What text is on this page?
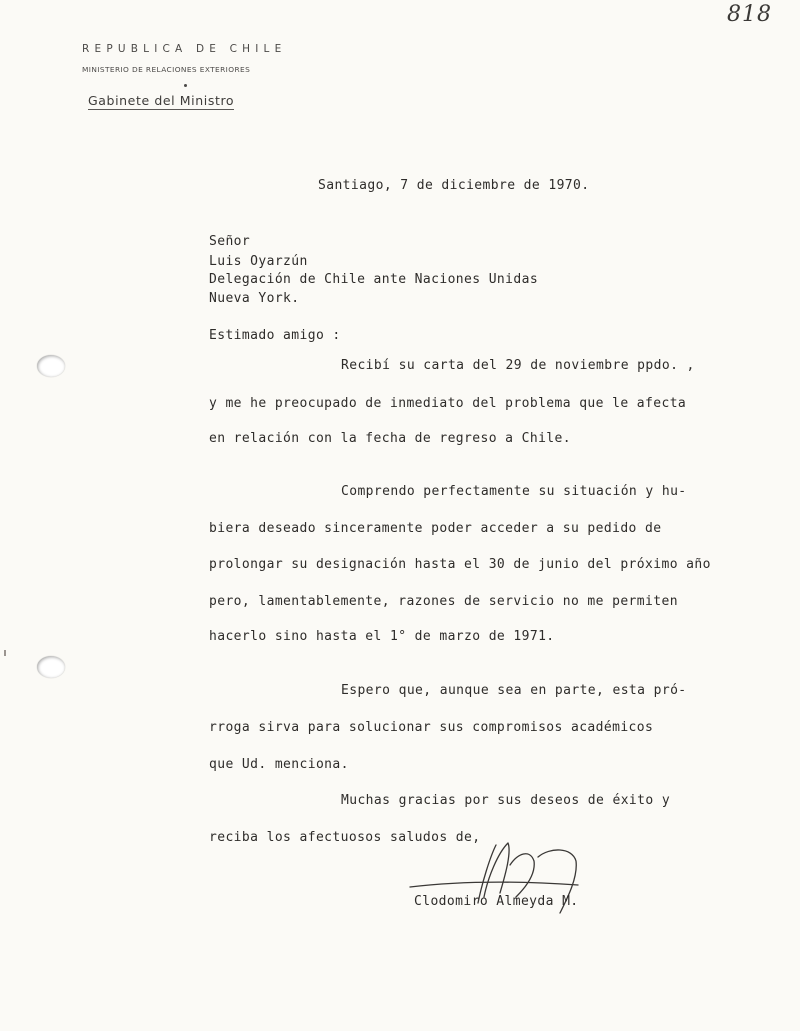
818
REPUBLICA DE CHILE
MINISTERIO DE RELACIONES EXTERIORES
Gabinete del Ministro
Santiago, 7 de diciembre de 1970.
Señor
Luis Oyarzún
Delegación de Chile ante Naciones Unidas
Nueva York.
Estimado amigo :
Recibí su carta del 29 de noviembre ppdo. ,
y me he preocupado de inmediato del problema que le afecta
en relación con la fecha de regreso a Chile.
Comprendo perfectamente su situación y hu-
biera deseado sinceramente poder acceder a su pedido de
prolongar su designación hasta el 30 de junio del próximo año
pero, lamentablemente, razones de servicio no me permiten
hacerlo sino hasta el 1° de marzo de 1971.
Espero que, aunque sea en parte, esta pró-
rroga sirva para solucionar sus compromisos académicos
que Ud. menciona.
Muchas gracias por sus deseos de éxito y
reciba los afectuosos saludos de,
Clodomiro Almeyda M.
